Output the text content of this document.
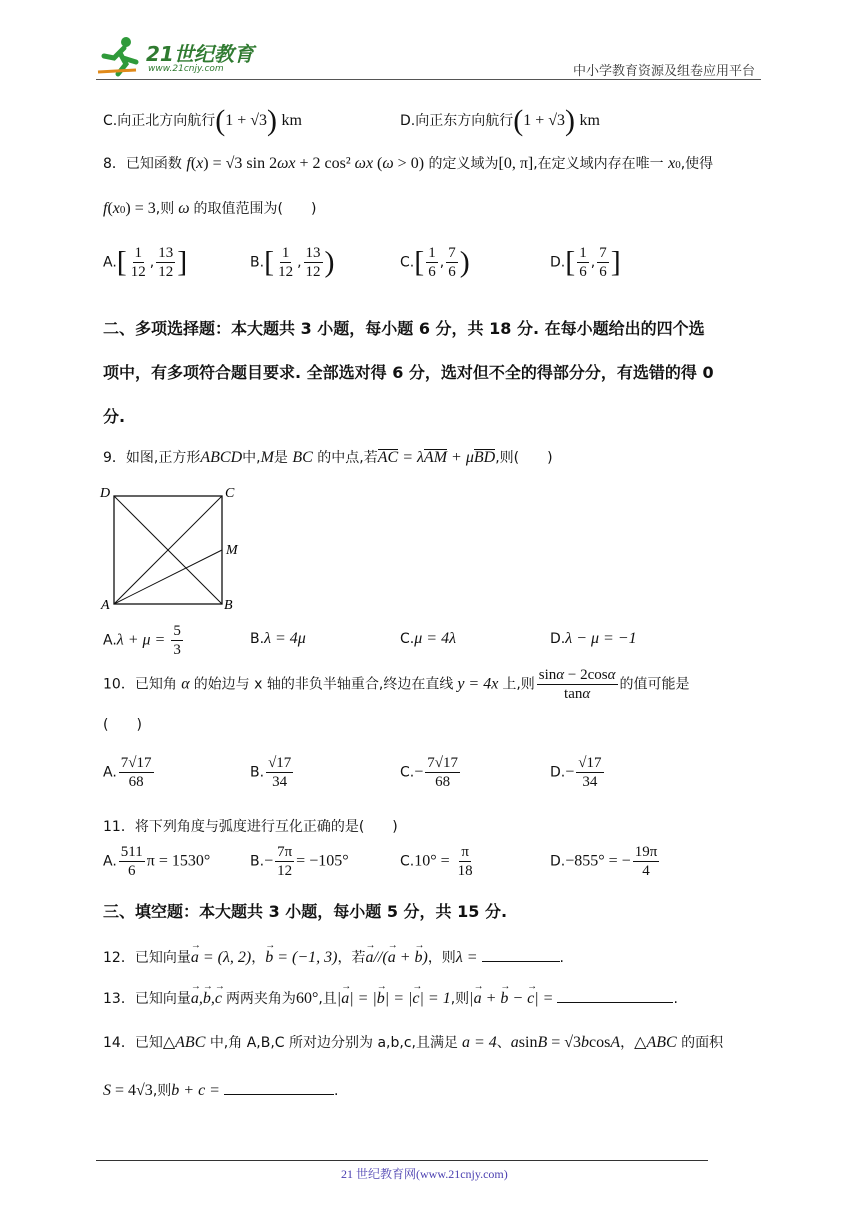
21世纪教育
www.21cnjy.com	中小学教育资源及组卷应用平台
C.向正北方向航行(1 + √3) km	D.向正东方向航行(1 + √3) km
8．已知函数 f(x) = √3 sin 2ωx + 2 cos² ωx (ω > 0) 的定义域为[0, π],在定义域内存在唯一 x0,使得
f(x0) = 3,则 ω 的取值范围为(　　)
$A.[ \frac{1}{12}$ , $\frac{13}{12}$ ]	$B.[ \frac{1}{12}$ , $\frac{13}{12}$ )	$C.[ \frac{1}{6}$ , $\frac{7}{6}$ )	$D.[ \frac{1}{6}$ , $\frac{7}{6}$ ]
二、多项选择题：本大题共 3 小题，每小题 6 分，共 18 分. 在每小题给出的四个选
项中，有多项符合题目要求. 全部选对得 6 分，选对但不全的得部分分，有选错的得 0
分.
9．如图,正方形ABCD中,M是 BC 的中点,若AC = λAM + μBD,则(　　)
D	C
M
A	B
$A.\lambda + \mu = \frac{5}{3}$	B.λ = 4μ	C.μ = 4λ	D.λ − μ = −1
10．已知角 α 的始边与 x 轴的非负半轴重合,终边在直线 y = 4x 上,则 $\frac{\sin\alpha - 2\cos\alpha}{\tan\alpha}$ 的值可能是
(　　)
A. $\frac{7√17}{68}$	B. $\frac{√17}{34}$	$C.- \frac{7√17}{68}$	$D.- \frac{√17}{34}$
11．将下列角度与弧度进行互化正确的是(　　)
A. $\frac{511}{6}$ π = 1530°	$B.- \frac{7\pi}{12} = -105^\circ$	$C.10^\circ = \frac{\pi}{18}$	D.−855° = − $\frac{19\pi}{4}$
三、填空题：本大题共 3 小题，每小题 5 分，共 15 分.
12．已知向量a → = (λ, 2)，b → = (−1, 3)，若a →//(a → + b →)，则λ =	.
13．已知向量a →,b →,c → 两两夹角为60°,且|a →| = |b →| = |c →| = 1,则|a → + b → − c →| =	.
14．已知△ABC 中,角 A,B,C 所对边分别为 a,b,c,且满足 a = 4、asinB = √3bcosA，△ABC 的面积
S = 4√3,则b + c =	.
21 世纪教育网(www.21cnjy.com)
